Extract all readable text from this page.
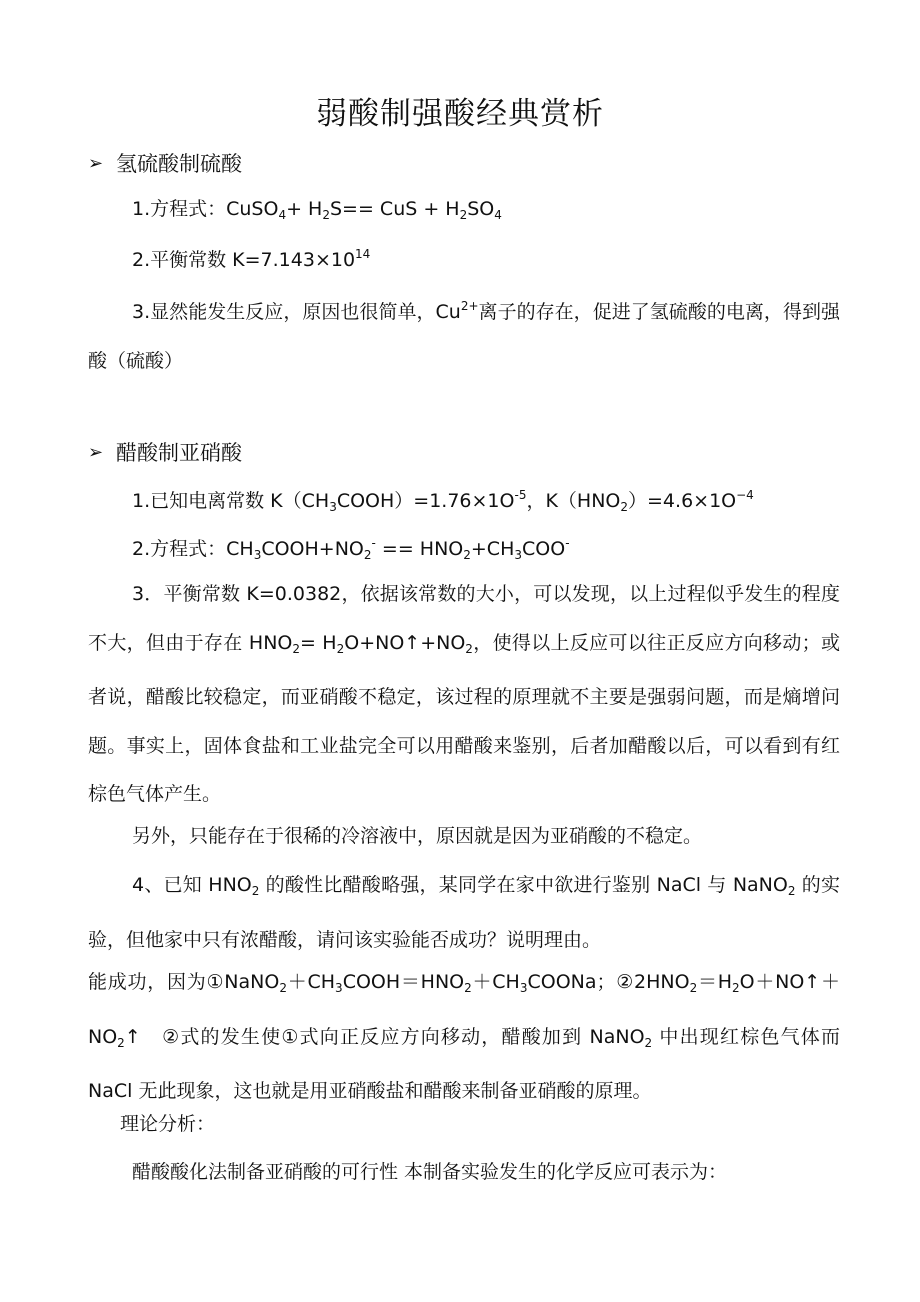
弱酸制强酸经典赏析
➢ 氢硫酸制硫酸
1.方程式：CuSO$_4$+ $H_2S==$ CuS + $H_2SO_4$
2.平衡常数 $K=7.143\times 10^{14}$
3.显然能发生反应，原因也很简单，$Cu^{2+}$离子的存在，促进了氢硫酸的电离，得到强酸（硫酸）
➢ 醋酸制亚硝酸
1.已知电离常数 $K(CH_3COOH)=1.76\times 1O^{-5}$，$K(HNO_2)=4.6\times 1O^{-4}$
2.方程式：$CH_3COOH+NO_2^- == HNO_2+CH_3COO^-$
3．平衡常数 K=0.0382，依据该常数的大小，可以发现，以上过程似乎发生的程度不大，但由于存在 $HNO_2=$ $H_2O+NO↑+NO_2$，使得以上反应可以往正反应方向移动；或者说，醋酸比较稳定，而亚硝酸不稳定，该过程的原理就不主要是强弱问题，而是熵增问题。事实上，固体食盐和工业盐完全可以用醋酸来鉴别，后者加醋酸以后，可以看到有红棕色气体产生。
另外，只能存在于很稀的冷溶液中，原因就是因为亚硝酸的不稳定。
4、已知 $HNO_2$ 的酸性比醋酸略强，某同学在家中欲进行鉴别 NaCl 与 NaNO$_2$ 的实验，但他家中只有浓醋酸，请问该实验能否成功？说明理由。
能成功，因为$①NaNO_2+CH_3COOH=HNO_2+CH_3COONa$；$②2HNO_2=H_2O+NO↑+NO_2↑$　②式的发生使①式向正反应方向移动，醋酸加到 NaNO$_2$ 中出现红棕色气体而 NaCl 无此现象，这也就是用亚硝酸盐和醋酸来制备亚硝酸的原理。
理论分析：
醋酸酸化法制备亚硝酸的可行性 本制备实验发生的化学反应可表示为：
